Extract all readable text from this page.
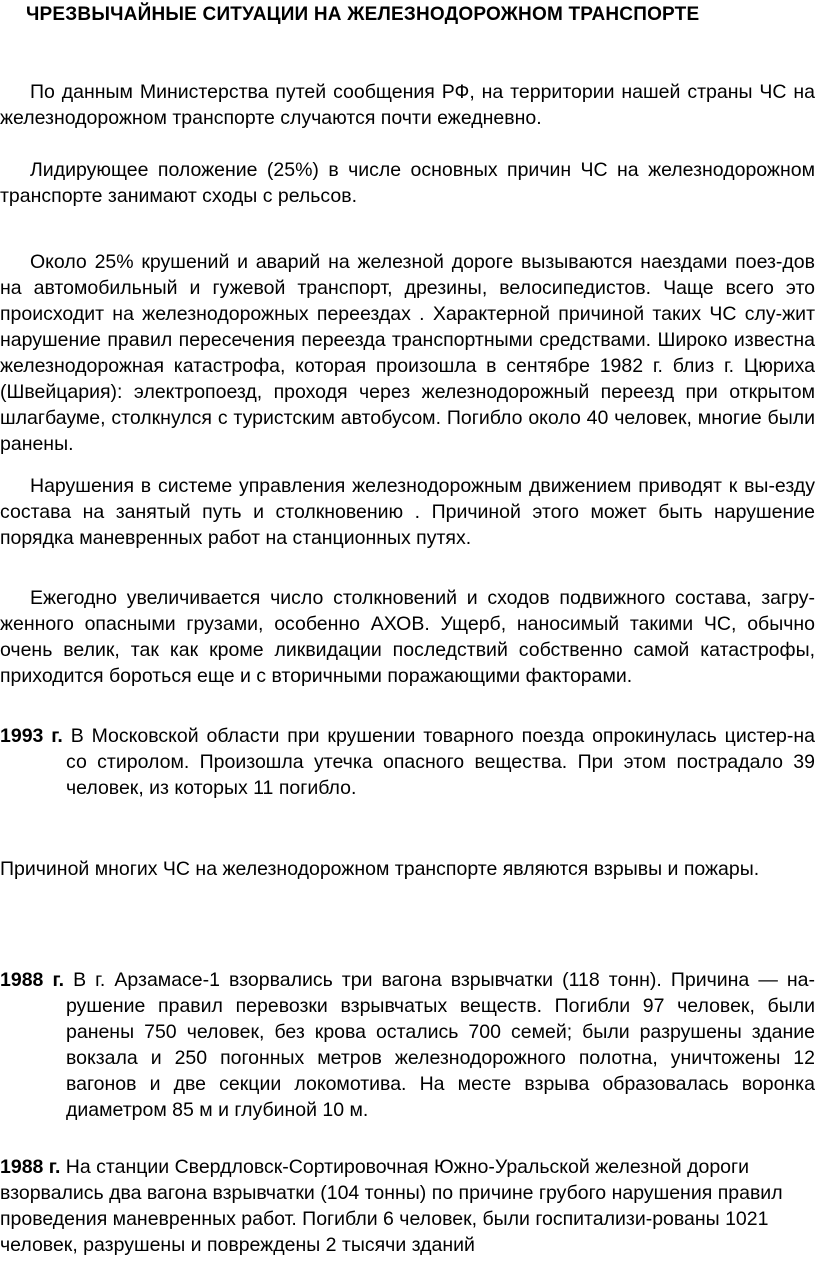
ЧРЕЗВЫЧАЙНЫЕ СИТУАЦИИ НА ЖЕЛЕЗНОДОРОЖНОМ ТРАНСПОРТЕ

По данным Министерства путей сообщения РФ, на территории нашей страны ЧС на железнодорожном транспорте случаются почти ежедневно.

Лидирующее положение (25%) в числе основных причин ЧС на железнодорожном транспорте занимают сходы с рельсов.

Около 25% крушений и аварий на железной дороге вызываются наездами поез-дов на автомобильный и гужевой транспорт, дрезины, велосипедистов. Чаще всего это происходит на железнодорожных переездах . Характерной причиной таких ЧС слу-жит нарушение правил пересечения переезда транспортными средствами. Широко известна железнодорожная катастрофа, которая произошла в сентябре 1982 г. близ г. Цюриха (Швейцария): электропоезд, проходя через железнодорожный переезд при открытом шлагбауме, столкнулся с туристским автобусом. Погибло около 40 человек, многие были ранены.

Нарушения в системе управления железнодорожным движением приводят к вы-езду состава на занятый путь и столкновению . Причиной этого может быть нарушение порядка маневренных работ на станционных путях.

Ежегодно увеличивается число столкновений и сходов подвижного состава, загру-женного опасными грузами, особенно АХОВ. Ущерб, наносимый такими ЧС, обычно очень велик, так как кроме ликвидации последствий собственно самой катастрофы, приходится бороться еще и с вторичными поражающими факторами.

1993 г. В Московской области при крушении товарного поезда опрокинулась цистер-на со стиролом. Произошла утечка опасного вещества. При этом пострадало 39 человек, из которых 11 погибло.

Причиной многих ЧС на железнодорожном транспорте являются взрывы и пожары.

1988 г. В г. Арзамасе-1 взорвались три вагона взрывчатки (118 тонн). Причина — на-рушение правил перевозки взрывчатых веществ. Погибли 97 человек, были ранены 750 человек, без крова остались 700 семей; были разрушены здание вокзала и 250 погонных метров железнодорожного полотна, уничтожены 12 вагонов и две секции локомотива. На месте взрыва образовалась воронка диаметром 85 м и глубиной 10 м.

1988 г. На станции Свердловск-Сортировочная Южно-Уральской железной дороги взорвались два вагона взрывчатки (104 тонны) по причине грубого нарушения правил проведения маневренных работ. Погибли 6 человек, были госпитализи-рованы 1021 человек, разрушены и повреждены 2 тысячи зданий
